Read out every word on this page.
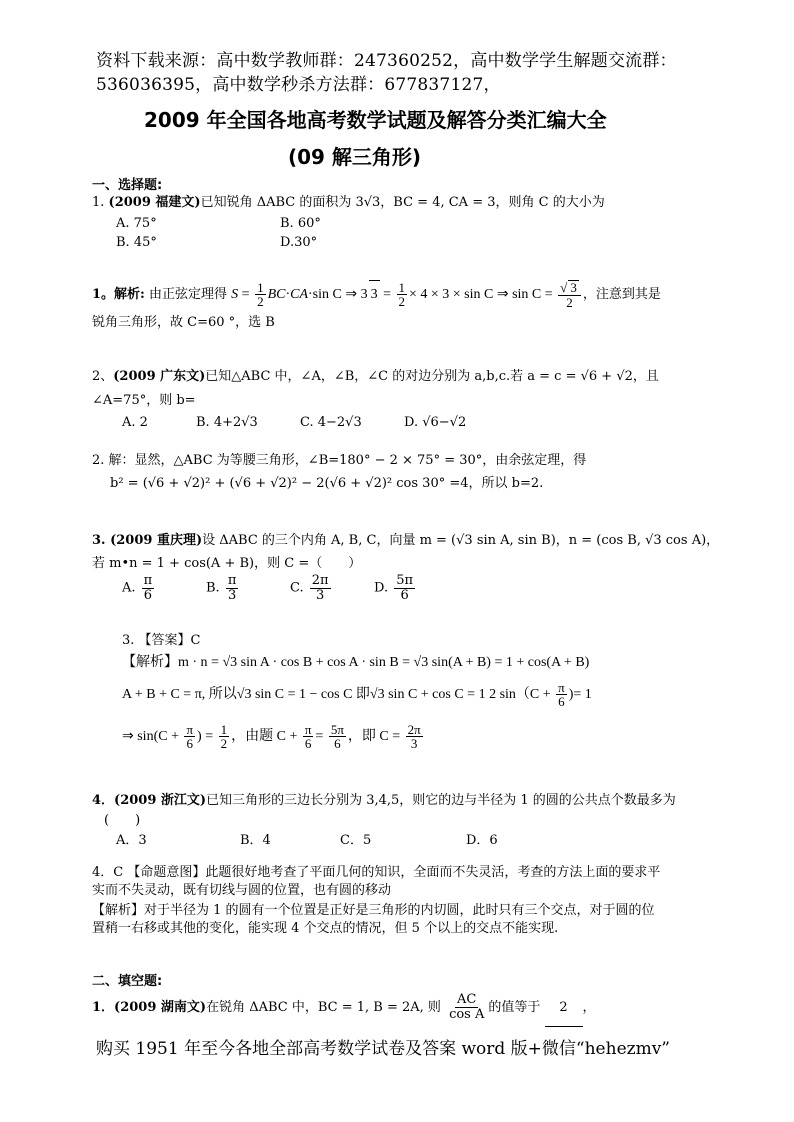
资料下载来源：高中数学教师群：247360252，高中数学学生解题交流群：
536036395，高中数学秒杀方法群：677837127，
2009 年全国各地高考数学试题及解答分类汇编大全
(09 解三角形)
一、选择题:
1. (2009 福建文)已知锐角 ΔABC 的面积为 3√3，BC = 4, CA = 3，则角 C 的大小为
A. 75°	B. 60°
B. 45°	D.30°
1。解析: 由正弦定理得 $S = \frac{1}{2} BC\cdot CA\cdot\sin$ C ⇒ 3 $3 = \frac{1}{2} \times 4 \times 3 \times \sin C$ ⇒ $\sin C = \frac{√ 3}{2}$ ，注意到其是
锐角三角形，故 C=60 °，选 B
2、(2009 广东文)已知△ABC 中，∠A，∠B，∠C 的对边分别为 a,b,c.若 a = c = √6 + √2，且
∠A=75°，则 b=
A. 2	B. 4+2√3	C. 4−2√3	D. √6−√2
2. 解：显然，△ABC 为等腰三角形，∠B=180° − 2 × 75° = 30°，由余弦定理，得
b² = (√6 + √2)² + (√6 + √2)² − 2(√6 + √2)² cos 30° =4，所以 b=2.
3. (2009 重庆理)设 ΔABC 的三个内角 A, B, C，向量 m = (√3 sin A, sin B)，n = (cos B, √3 cos A)，
若 m•n = 1 + cos(A + B)，则 C =（　　）
A. $\frac{\pi}{6}$	B. $\frac{\pi}{3}$	C. $\frac{2\pi}{3}$	D. $\frac{5\pi}{6}$
3. 【答案】C
【解析】m · n = √3 sin A · cos B + cos A · sin B = √3 sin(A + B) = 1 + cos(A + B)
A + B + C = π, 所以√3 sin C = 1 − cos C 即√3 sin C + cos C = 1 2 $\sin(C + \frac{\pi}{6}$ )= 1
⇒ $\sin(C + \frac{\pi}{6}$ ) = $\frac{1}{2}$ ，由题 $C + \frac{\pi}{6} = \frac{5\pi}{6}$ ，即 $C = \frac{2\pi}{3}$
4．(2009 浙江文)已知三角形的三边长分别为 3,4,5，则它的边与半径为 1 的圆的公共点个数最多为
(　　)
A．3	B．4	C．5	D．6
4．C 【命题意图】此题很好地考查了平面几何的知识，全面而不失灵活，考查的方法上面的要求平
实而不失灵动，既有切线与圆的位置，也有圆的移动
【解析】对于半径为 1 的圆有一个位置是正好是三角形的内切圆，此时只有三个交点，对于圆的位
置稍一右移或其他的变化，能实现 4 个交点的情况，但 5 个以上的交点不能实现.
二、填空题:
1．(2009 湖南文)在锐角 ΔABC 中，BC = 1, B = 2A, 则 $\frac{AC}{\text{cos A}}$ 的值等于 2 ，
购买 1951 年至今各地全部高考数学试卷及答案 word 版+微信“hehezmv”
